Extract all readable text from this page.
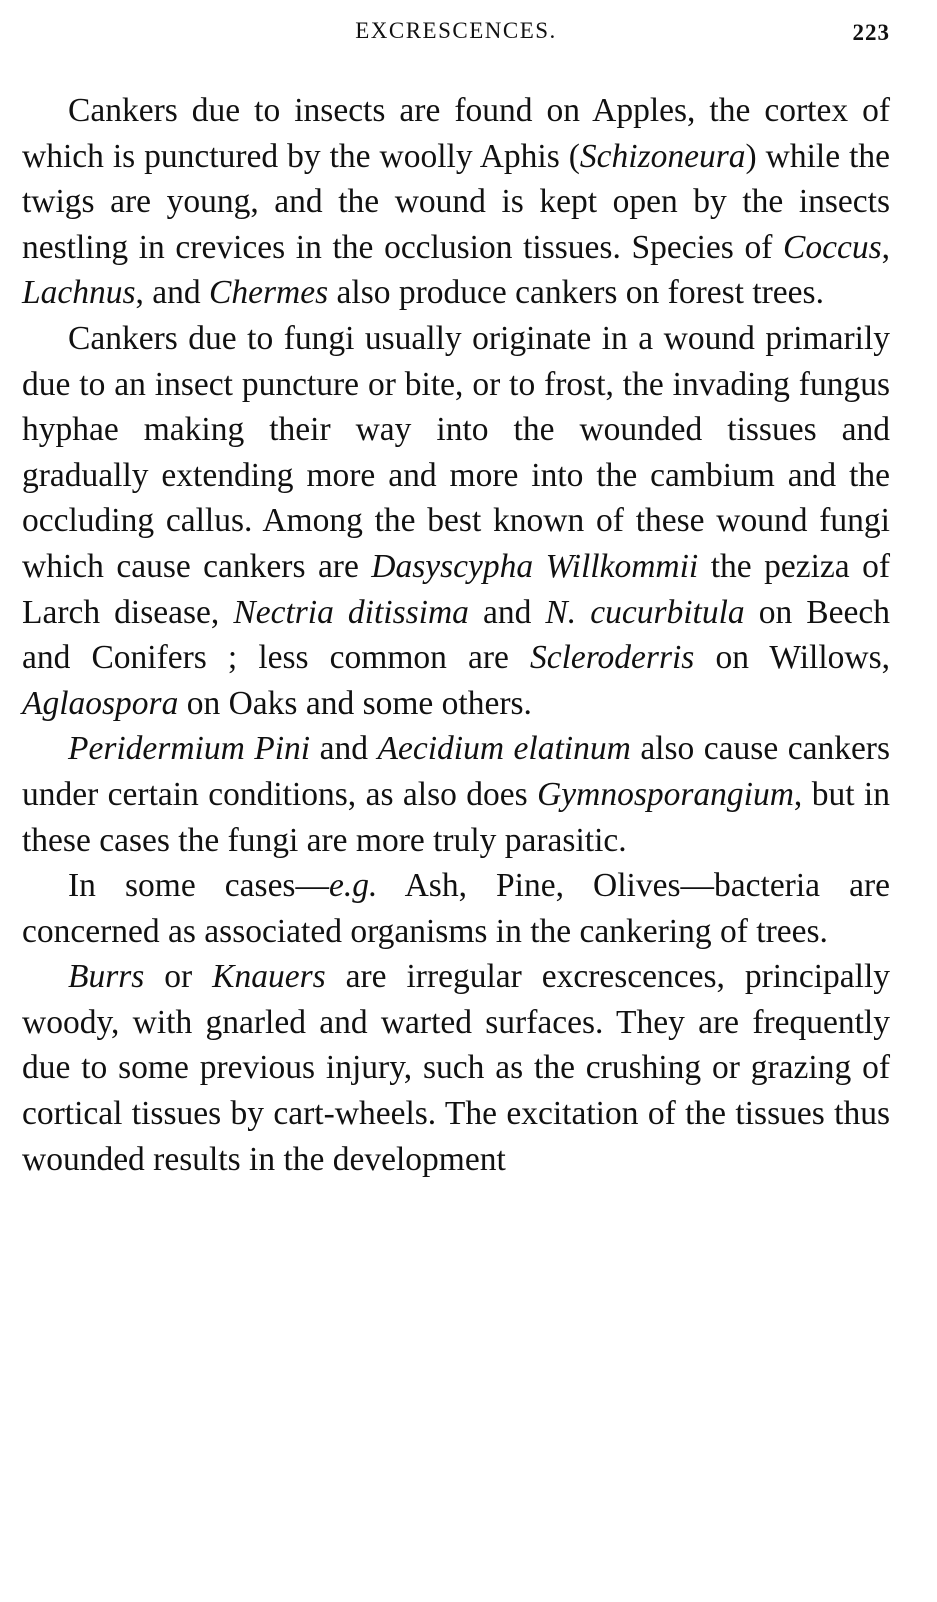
EXCRESCENCES.	223

Cankers due to insects are found on Apples, the cortex of which is punctured by the woolly Aphis (Schizoneura) while the twigs are young, and the wound is kept open by the insects nestling in crevices in the occlusion tissues. Species of Coccus, Lachnus, and Chermes also produce cankers on forest trees.

Cankers due to fungi usually originate in a wound primarily due to an insect puncture or bite, or to frost, the invading fungus hyphae making their way into the wounded tissues and gradually extending more and more into the cambium and the occluding callus. Among the best known of these wound fungi which cause cankers are Dasyscypha Willkommii the peziza of Larch disease, Nectria ditissima and N. cucurbitula on Beech and Conifers ; less common are Scleroderris on Willows, Aglaospora on Oaks and some others.

Peridermium Pini and Aecidium elatinum also cause cankers under certain conditions, as also does Gymnosporangium, but in these cases the fungi are more truly parasitic.

In some cases—e.g. Ash, Pine, Olives—bacteria are concerned as associated organisms in the cankering of trees.

Burrs or Knauers are irregular excrescences, principally woody, with gnarled and warted surfaces. They are frequently due to some previous injury, such as the crushing or grazing of cortical tissues by cart-wheels. The excitation of the tissues thus wounded results in the development
